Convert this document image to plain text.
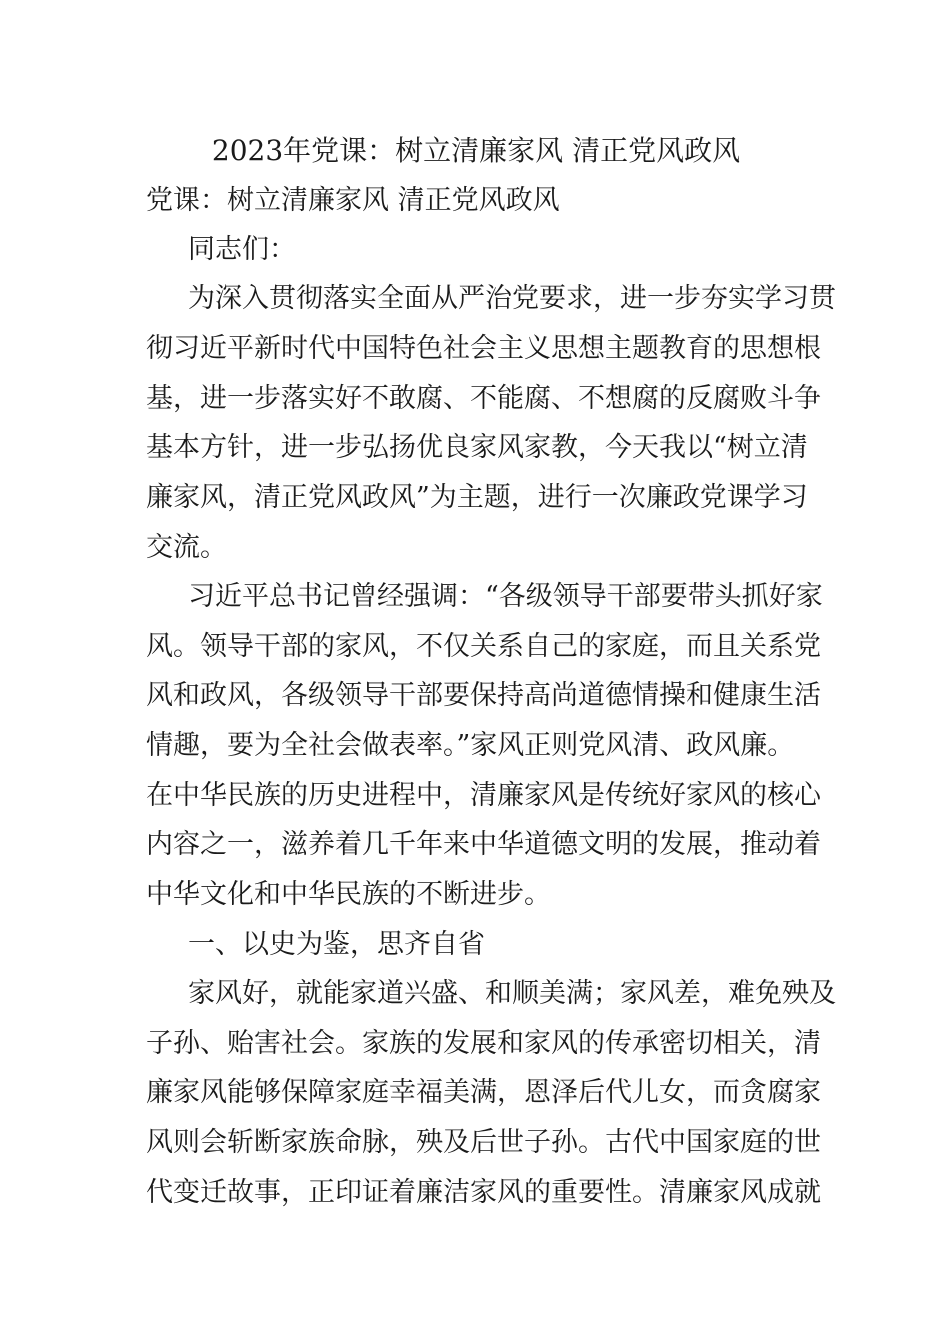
2023年党课：树立清廉家风 清正党风政风
党课：树立清廉家风 清正党风政风
同志们：
为深入贯彻落实全面从严治党要求，进一步夯实学习贯
彻习近平新时代中国特色社会主义思想主题教育的思想根
基，进一步落实好不敢腐、不能腐、不想腐的反腐败斗争
基本方针，进一步弘扬优良家风家教，今天我以“树立清
廉家风，清正党风政风”为主题，进行一次廉政党课学习
交流。
习近平总书记曾经强调：“各级领导干部要带头抓好家
风。领导干部的家风，不仅关系自己的家庭，而且关系党
风和政风，各级领导干部要保持高尚道德情操和健康生活
情趣，要为全社会做表率。”家风正则党风清、政风廉。
在中华民族的历史进程中，清廉家风是传统好家风的核心
内容之一，滋养着几千年来中华道德文明的发展，推动着
中华文化和中华民族的不断进步。
一、以史为鉴，思齐自省
家风好，就能家道兴盛、和顺美满；家风差，难免殃及
子孙、贻害社会。家族的发展和家风的传承密切相关，清
廉家风能够保障家庭幸福美满，恩泽后代儿女，而贪腐家
风则会斩断家族命脉，殃及后世子孙。古代中国家庭的世
代变迁故事，正印证着廉洁家风的重要性。清廉家风成就
